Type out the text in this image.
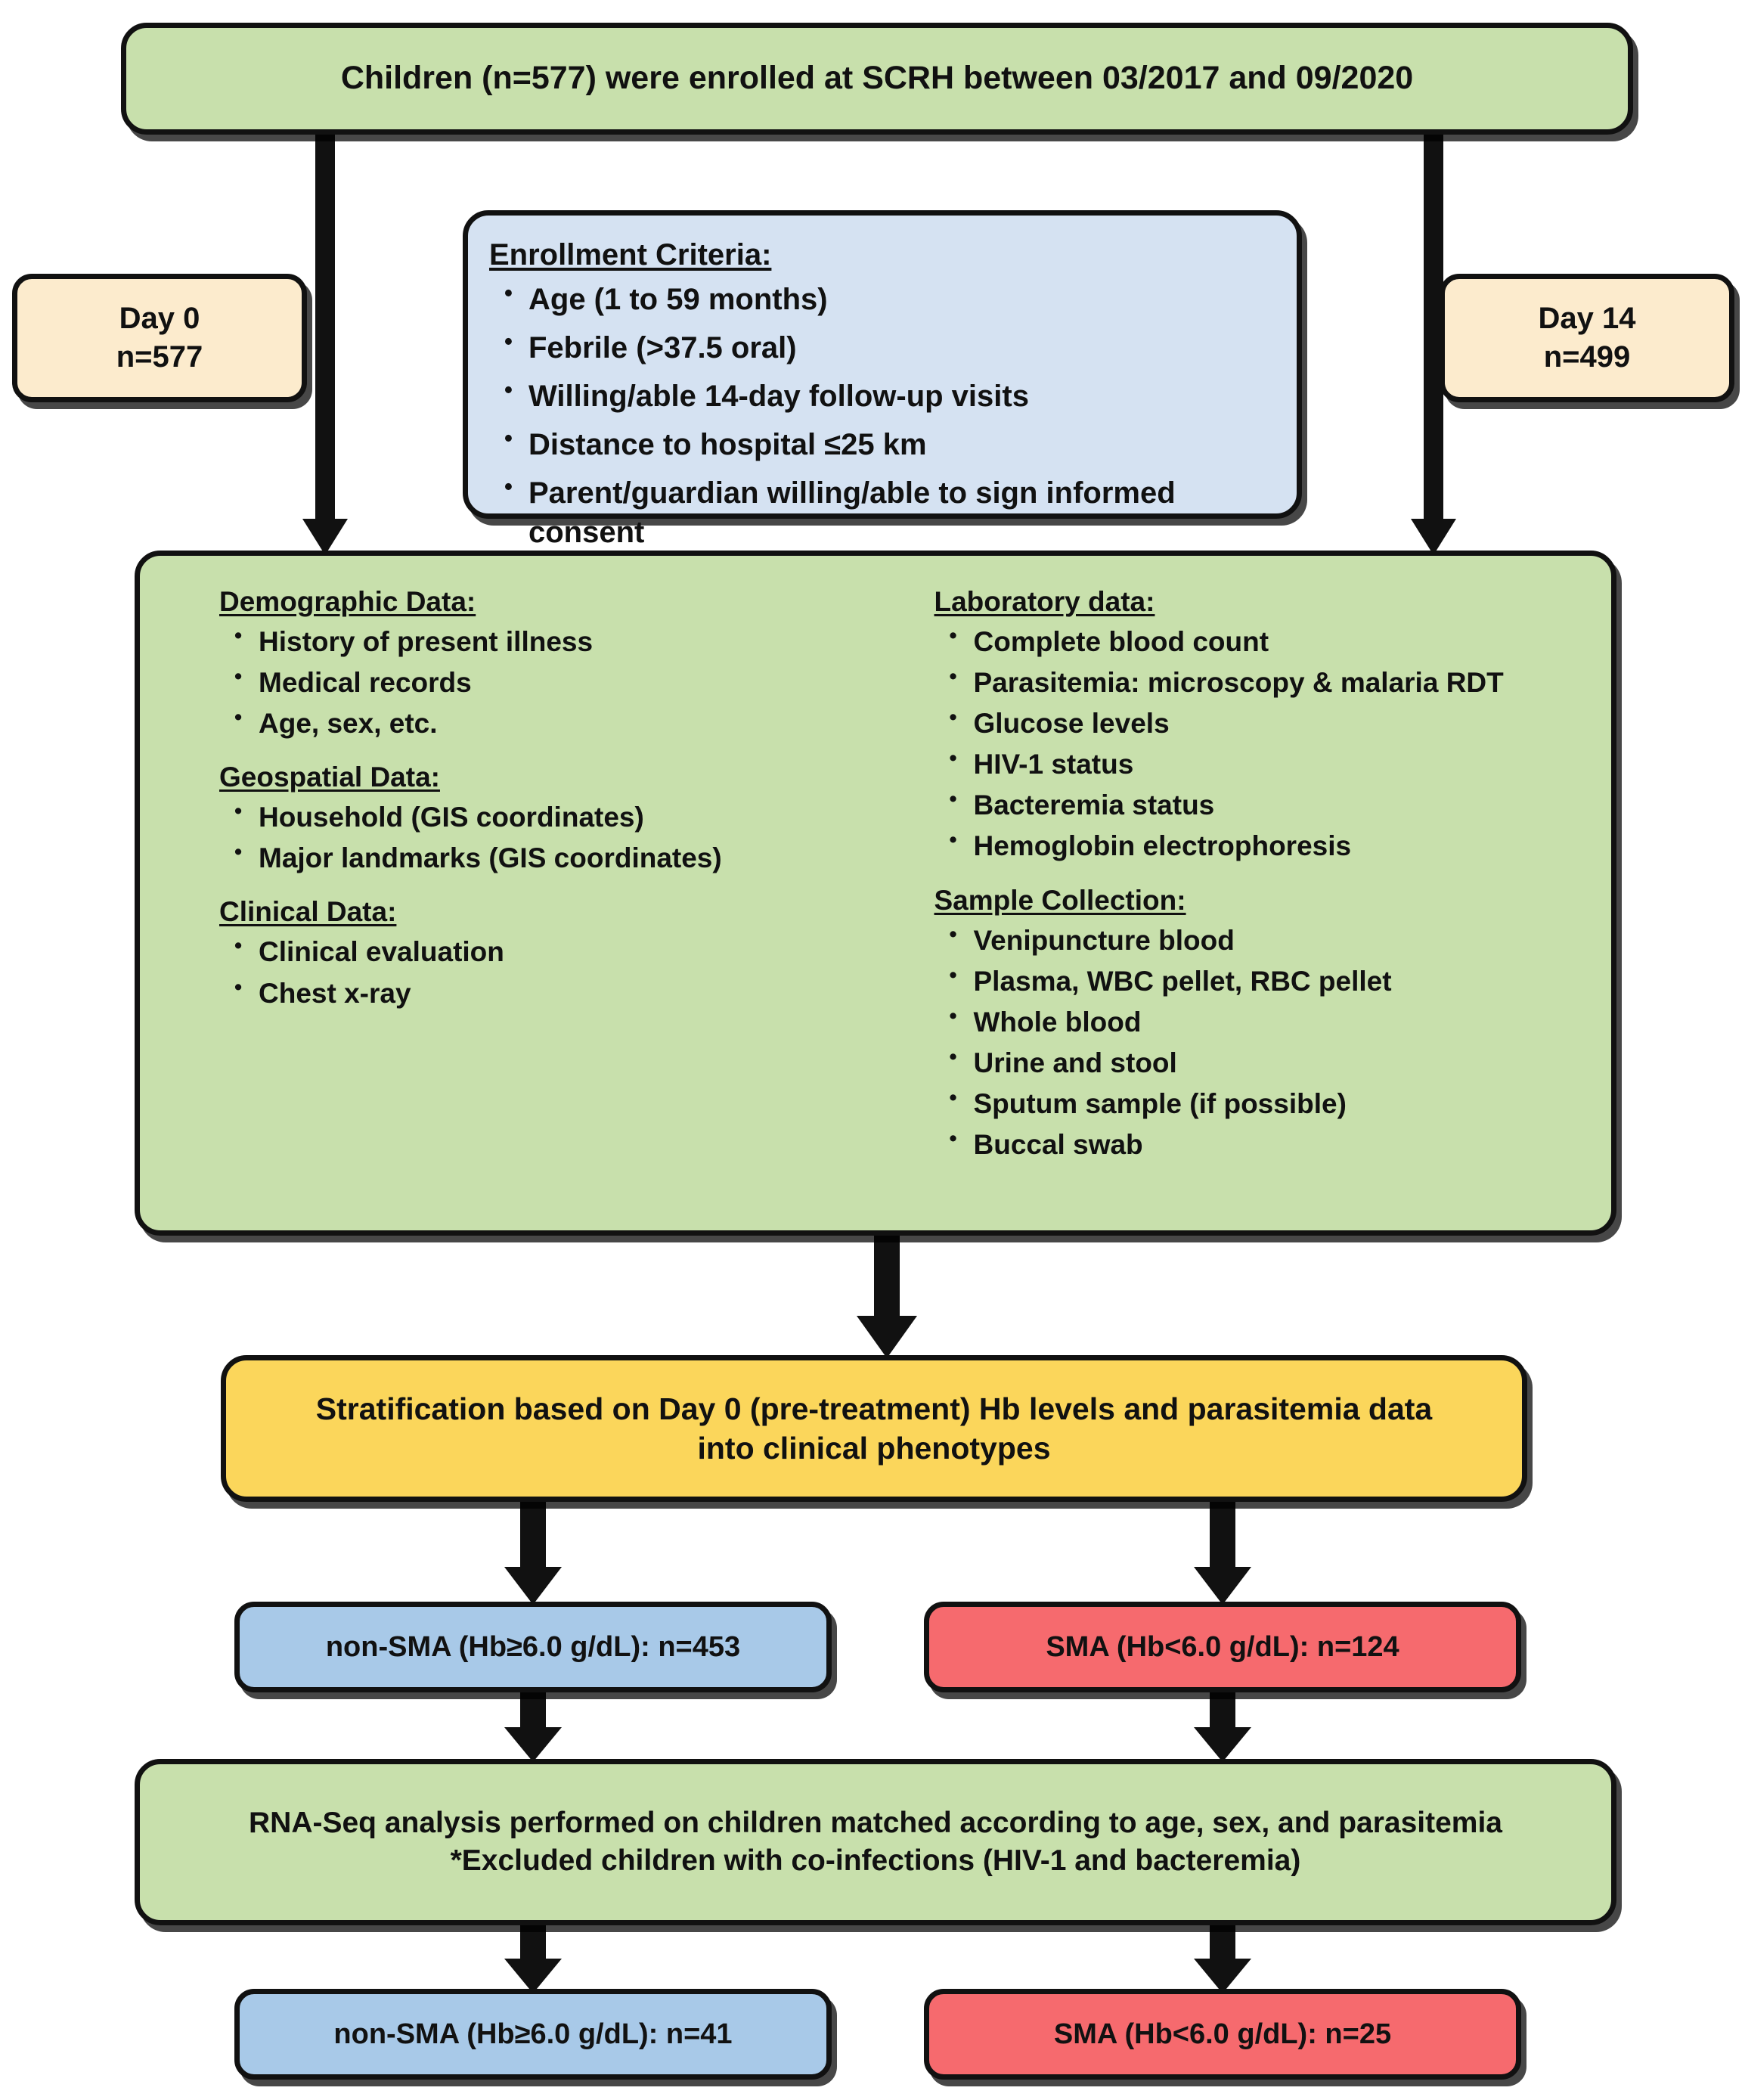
Children (n=577) were enrolled at SCRH between 03/2017 and 09/2020
Enrollment Criteria:
• Age (1 to 59 months)
• Febrile (>37.5 oral)
• Willing/able 14-day follow-up visits
• Distance to hospital ≤25 km
• Parent/guardian willing/able to sign informed consent
Day 0
n=577
Day 14
n=499
Demographic Data:
• History of present illness
• Medical records
• Age, sex, etc.
Geospatial Data:
• Household (GIS coordinates)
• Major landmarks (GIS coordinates)
Clinical Data:
• Clinical evaluation
• Chest x-ray
Laboratory data:
• Complete blood count
• Parasitemia: microscopy & malaria RDT
• Glucose levels
• HIV-1 status
• Bacteremia status
• Hemoglobin electrophoresis
Sample Collection:
• Venipuncture blood
• Plasma, WBC pellet, RBC pellet
• Whole blood
• Urine and stool
• Sputum sample (if possible)
• Buccal swab
Stratification based on Day 0 (pre-treatment) Hb levels and parasitemia data
into clinical phenotypes
non-SMA (Hb≥6.0 g/dL): n=453	SMA (Hb<6.0 g/dL): n=124
RNA-Seq analysis performed on children matched according to age, sex, and parasitemia
*Excluded children with co-infections (HIV-1 and bacteremia)
non-SMA (Hb≥6.0 g/dL): n=41	SMA (Hb<6.0 g/dL): n=25
